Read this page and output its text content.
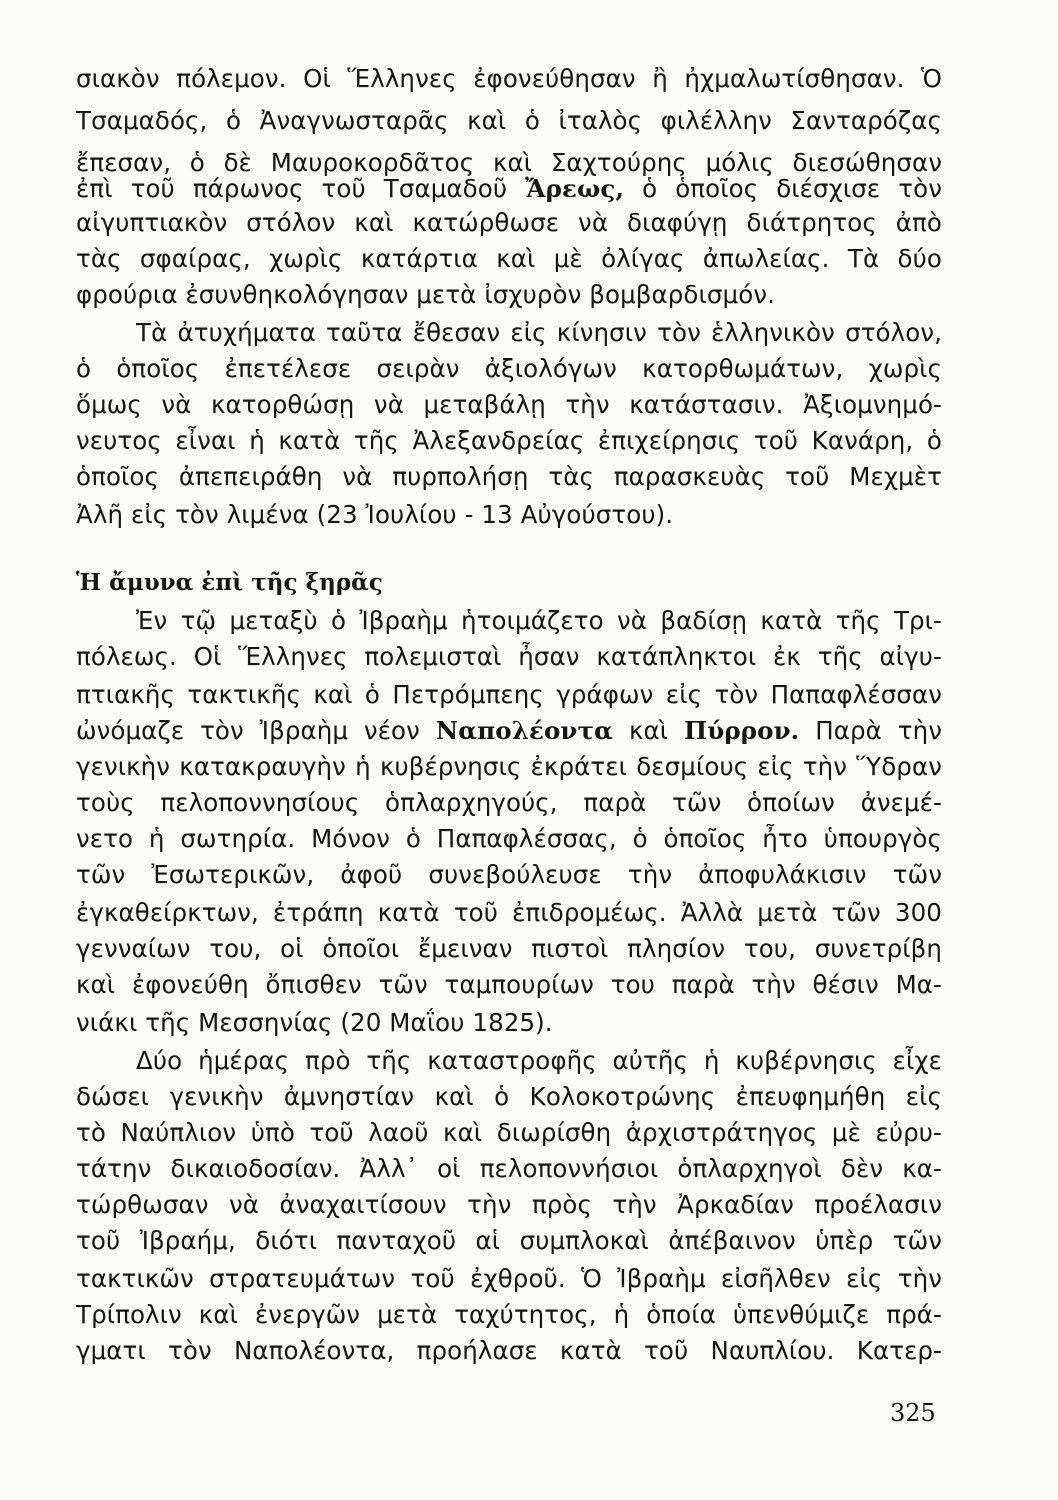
σιακὸν πόλεμον. Οἱ Ἕλληνες ἐφονεύθησαν ἢ ἠχμαλωτίσθησαν. Ὁ
Τσαμαδός, ὁ Ἀναγνωσταρᾶς καὶ ὁ ἰταλὸς φιλέλλην Σανταρόζας
ἔπεσαν, ὁ δὲ Μαυροκορδᾶτος καὶ Σαχτούρης μόλις διεσώθησαν
ἐπὶ τοῦ πάρωνος τοῦ Τσαμαδοῦ Ἄρεως, ὁ ὁποῖος διέσχισε τὸν
αἰγυπτιακὸν στόλον καὶ κατώρθωσε νὰ διαφύγῃ διάτρητος ἀπὸ
τὰς σφαίρας, χωρὶς κατάρτια καὶ μὲ ὀλίγας ἀπωλείας. Τὰ δύο
φρούρια ἐσυνθηκολόγησαν μετὰ ἰσχυρὸν βομβαρδισμόν.
Τὰ ἀτυχήματα ταῦτα ἔθεσαν εἰς κίνησιν τὸν ἑλληνικὸν στόλον,
ὁ ὁποῖος ἐπετέλεσε σειρὰν ἀξιολόγων κατορθωμάτων, χωρὶς
ὅμως νὰ κατορθώσῃ νὰ μεταβάλῃ τὴν κατάστασιν. Ἀξιομνημό-
νευτος εἶναι ἡ κατὰ τῆς Ἀλεξανδρείας ἐπιχείρησις τοῦ Κανάρη, ὁ
ὁποῖος ἀπεπειράθη νὰ πυρπολήσῃ τὰς παρασκευὰς τοῦ Μεχμὲτ
Ἀλῆ εἰς τὸν λιμένα (23 Ἰουλίου - 13 Αὐγούστου).
Ἡ ἄμυνα ἐπὶ τῆς ξηρᾶς
Ἐν τῷ μεταξὺ ὁ Ἰβραὴμ ἡτοιμάζετο νὰ βαδίσῃ κατὰ τῆς Τρι-
πόλεως. Οἱ Ἕλληνες πολεμισταὶ ἦσαν κατάπληκτοι ἐκ τῆς αἰγυ-
πτιακῆς τακτικῆς καὶ ὁ Πετρόμπεης γράφων εἰς τὸν Παπαφλέσσαν
ὠνόμαζε τὸν Ἰβραὴμ νέον Ναπολέοντα καὶ Πύρρον. Παρὰ τὴν
γενικὴν κατακραυγὴν ἡ κυβέρνησις ἐκράτει δεσμίους εἰς τὴν Ὕδραν
τοὺς πελοποννησίους ὁπλαρχηγούς, παρὰ τῶν ὁποίων ἀνεμέ-
νετο ἡ σωτηρία. Μόνον ὁ Παπαφλέσσας, ὁ ὁποῖος ἦτο ὑπουργὸς
τῶν Ἐσωτερικῶν, ἀφοῦ συνεβούλευσε τὴν ἀποφυλάκισιν τῶν
ἐγκαθείρκτων, ἐτράπη κατὰ τοῦ ἐπιδρομέως. Ἀλλὰ μετὰ τῶν 300
γενναίων του, οἱ ὁποῖοι ἔμειναν πιστοὶ πλησίον του, συνετρίβη
καὶ ἐφονεύθη ὄπισθεν τῶν ταμπουρίων του παρὰ τὴν θέσιν Μα-
νιάκι τῆς Μεσσηνίας (20 Μαΐου 1825).
Δύο ἡμέρας πρὸ τῆς καταστροφῆς αὐτῆς ἡ κυβέρνησις εἶχε
δώσει γενικὴν ἀμνηστίαν καὶ ὁ Κολοκοτρώνης ἐπευφημήθη εἰς
τὸ Ναύπλιον ὑπὸ τοῦ λαοῦ καὶ διωρίσθη ἀρχιστράτηγος μὲ εὐρυ-
τάτην δικαιοδοσίαν. Ἀλλ᾽ οἱ πελοποννήσιοι ὁπλαρχηγοὶ δὲν κα-
τώρθωσαν νὰ ἀναχαιτίσουν τὴν πρὸς τὴν Ἀρκαδίαν προέλασιν
τοῦ Ἰβραήμ, διότι πανταχοῦ αἱ συμπλοκαὶ ἀπέβαινον ὑπὲρ τῶν
τακτικῶν στρατευμάτων τοῦ ἐχθροῦ. Ὁ Ἰβραὴμ εἰσῆλθεν εἰς τὴν
Τρίπολιν καὶ ἐνεργῶν μετὰ ταχύτητος, ἡ ὁποία ὑπενθύμιζε πρά-
γματι τὸν Ναπολέοντα, προήλασε κατὰ τοῦ Ναυπλίου. Κατερ-
325
